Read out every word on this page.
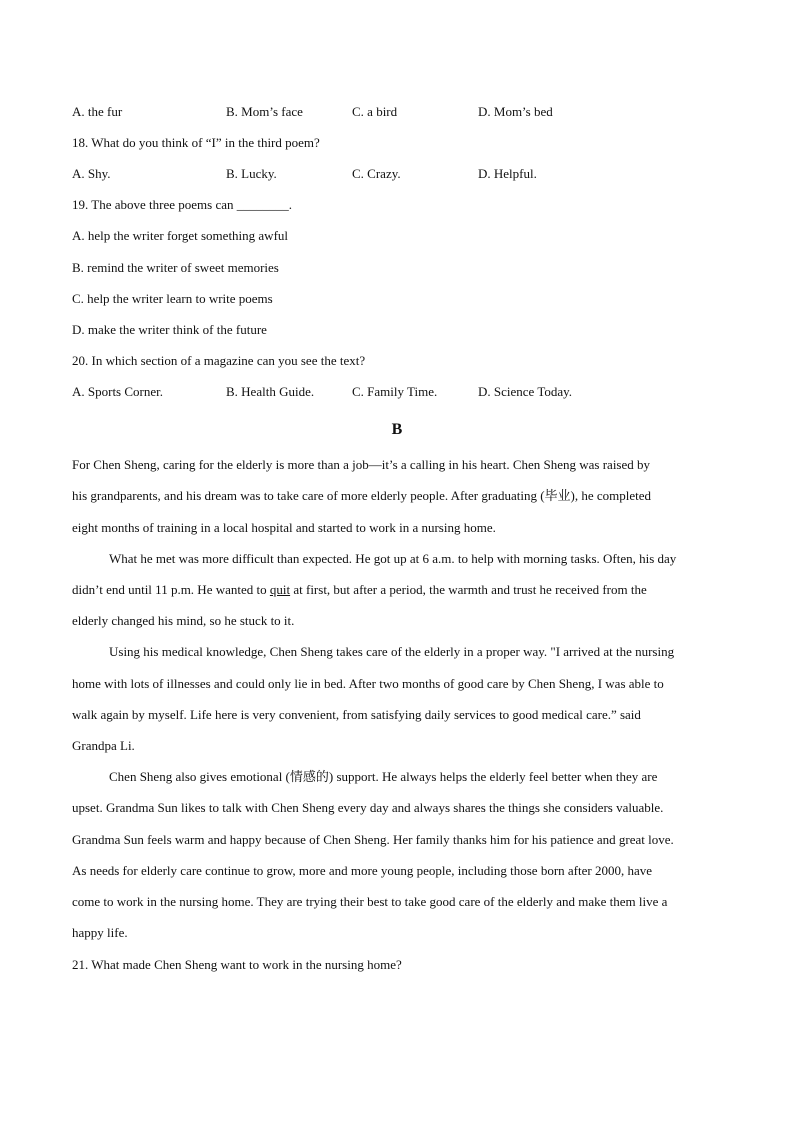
A. the fur	B. Mom’s face	C. a bird	D. Mom’s bed
18. What do you think of “I” in the third poem?
A. Shy.	B. Lucky.	C. Crazy.	D. Helpful.
19. The above three poems can ________.
A. help the writer forget something awful
B. remind the writer of sweet memories
C. help the writer learn to write poems
D. make the writer think of the future
20. In which section of a magazine can you see the text?
A. Sports Corner.	B. Health Guide.	C. Family Time.	D. Science Today.
B
For Chen Sheng, caring for the elderly is more than a job—it’s a calling in his heart. Chen Sheng was raised by
his grandparents, and his dream was to take care of more elderly people. After graduating (毕业), he completed
eight months of training in a local hospital and started to work in a nursing home.
What he met was more difficult than expected. He got up at 6 a.m. to help with morning tasks. Often, his day
didn’t end until 11 p.m. He wanted to quit at first, but after a period, the warmth and trust he received from the
elderly changed his mind, so he stuck to it.
Using his medical knowledge, Chen Sheng takes care of the elderly in a proper way. "I arrived at the nursing
home with lots of illnesses and could only lie in bed. After two months of good care by Chen Sheng, I was able to
walk again by myself. Life here is very convenient, from satisfying daily services to good medical care.” said
Grandpa Li.
Chen Sheng also gives emotional (情感的) support. He always helps the elderly feel better when they are
upset. Grandma Sun likes to talk with Chen Sheng every day and always shares the things she considers valuable.
Grandma Sun feels warm and happy because of Chen Sheng. Her family thanks him for his patience and great love.
As needs for elderly care continue to grow, more and more young people, including those born after 2000, have
come to work in the nursing home. They are trying their best to take good care of the elderly and make them live a
happy life.
21. What made Chen Sheng want to work in the nursing home?
